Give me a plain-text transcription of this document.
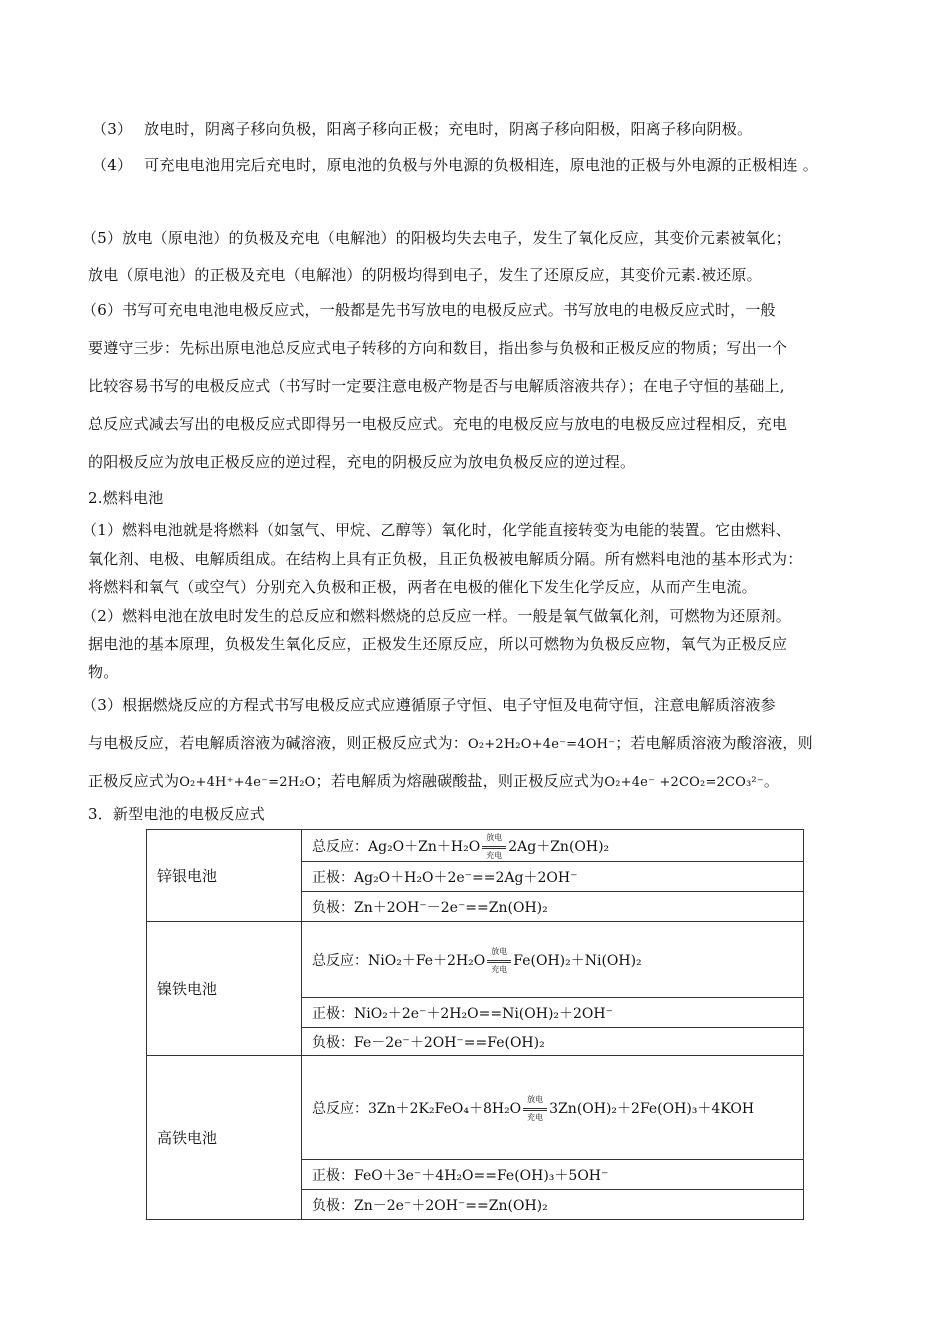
（3） 放电时，阴离子移向负极，阳离子移向正极；充电时，阴离子移向阳极，阳离子移向阴极。
（4） 可充电电池用完后充电时，原电池的负极与外电源的负极相连，原电池的正极与外电源的正极相连 。
（5）放电（原电池）的负极及充电（电解池）的阳极均失去电子，发生了氧化反应，其变价元素被氧化；
放电（原电池）的正极及充电（电解池）的阴极均得到电子，发生了还原反应，其变价元素.被还原。
（6）书写可充电电池电极反应式，一般都是先书写放电的电极反应式。书写放电的电极反应式时，一般
要遵守三步：先标出原电池总反应式电子转移的方向和数目，指出参与负极和正极反应的物质；写出一个
比较容易书写的电极反应式（书写时一定要注意电极产物是否与电解质溶液共存）；在电子守恒的基础上,
总反应式减去写出的电极反应式即得另一电极反应式。充电的电极反应与放电的电极反应过程相反，充电
的阳极反应为放电正极反应的逆过程，充电的阴极反应为放电负极反应的逆过程。
2.燃料电池
（1）燃料电池就是将燃料（如氢气、甲烷、乙醇等）氧化时，化学能直接转变为电能的装置。它由燃料、
氧化剂、电极、电解质组成。在结构上具有正负极，且正负极被电解质分隔。所有燃料电池的基本形式为：
将燃料和氧气（或空气）分别充入负极和正极，两者在电极的催化下发生化学反应，从而产生电流。
（2）燃料电池在放电时发生的总反应和燃料燃烧的总反应一样。一般是氧气做氧化剂，可燃物为还原剂。
据电池的基本原理，负极发生氧化反应，正极发生还原反应，所以可燃物为负极反应物，氧气为正极反应
物。
（3）根据燃烧反应的方程式书写电极反应式应遵循原子守恒、电子守恒及电荷守恒，注意电解质溶液参
与电极反应，若电解质溶液为碱溶液，则正极反应式为：O₂+2H₂O+4e⁻=4OH⁻；若电解质溶液为酸溶液，则
正极反应式为O₂+4H⁺+4e⁻=2H₂O；若电解质为熔融碳酸盐，则正极反应式为O₂+4e⁻ +2CO₂=2CO₃²⁻。
3．新型电池的电极反应式
锌银电池	总反应：Ag₂O＋Zn＋H₂O
放电
充电
2Ag＋Zn(OH)₂
	正极：Ag₂O＋H₂O＋2e⁻==2Ag＋2OH⁻
	负极：Zn＋2OH⁻－2e⁻==Zn(OH)₂
镍铁电池	总反应：NiO₂＋Fe＋2H₂O
放电
充电
Fe(OH)₂＋Ni(OH)₂
	正极：NiO₂＋2e⁻＋2H₂O==Ni(OH)₂＋2OH⁻
	负极：Fe－2e⁻＋2OH⁻==Fe(OH)₂
高铁电池	总反应：3Zn＋2K₂FeO₄＋8H₂O
放电
充电
3Zn(OH)₂＋2Fe(OH)₃＋4KOH
	正极：FeO＋3e⁻＋4H₂O==Fe(OH)₃＋5OH⁻
	负极：Zn－2e⁻＋2OH⁻==Zn(OH)₂
